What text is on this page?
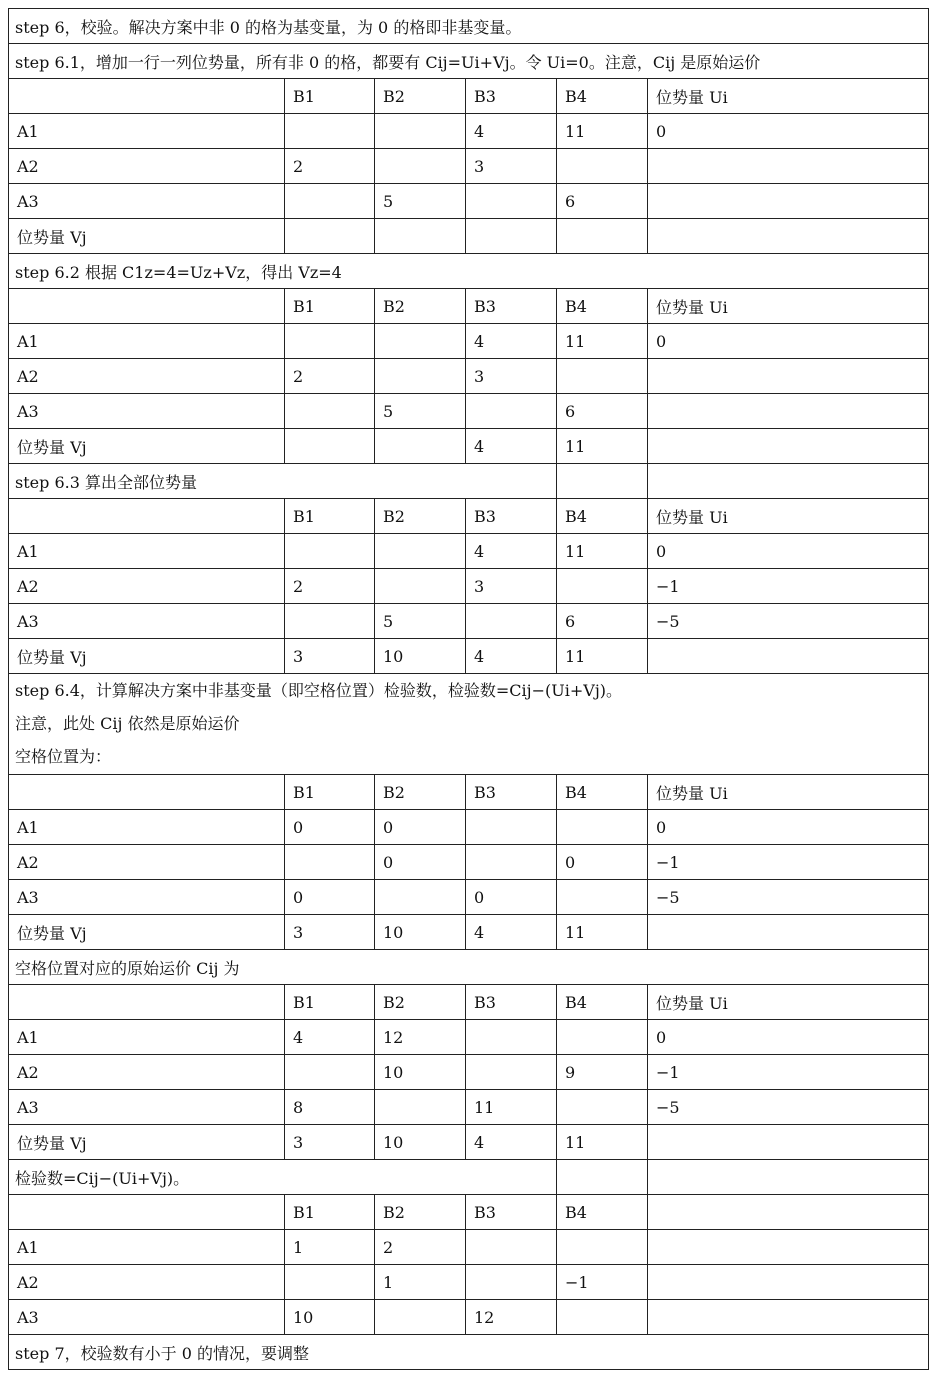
step 6，校验。解决方案中非 0 的格为基变量，为 0 的格即非基变量。					
step 6.1，增加一行一列位势量，所有非 0 的格，都要有 Cij=Ui+Vj。令 Ui=0。注意，Cij 是原始运价					
	B1	B2	B3	B4	位势量 Ui
A1			4	11	0
A2	2		3		
A3		5		6	
位势量 Vj					
step 6.2 根据 C1z=4=Uz+Vz，得出 Vz=4					
	B1	B2	B3	B4	位势量 Ui
A1			4	11	0
A2	2		3		
A3		5		6	
位势量 Vj			4	11	
step 6.3 算出全部位势量					
	B1	B2	B3	B4	位势量 Ui
A1			4	11	0
A2	2		3		−1
A3		5		6	−5
位势量 Vj	3	10	4	11	

step 6.4，计算解决方案中非基变量（即空格位置）检验数，检验数=Cij−(Ui+Vj)。
注意，此处 Cij 依然是原始运价
空格位置为：					

	B1	B2	B3	B4	位势量 Ui
A1	0	0			0
A2		0		0	−1
A3	0		0		−5
位势量 Vj	3	10	4	11	
空格位置对应的原始运价 Cij 为					
	B1	B2	B3	B4	位势量 Ui
A1	4	12			0
A2		10		9	−1
A3	8		11		−5
位势量 Vj	3	10	4	11	
检验数=Cij−(Ui+Vj)。					
	B1	B2	B3	B4	
A1	1	2			
A2		1		−1	
A3	10		12		
step 7，校验数有小于 0 的情况，要调整					
